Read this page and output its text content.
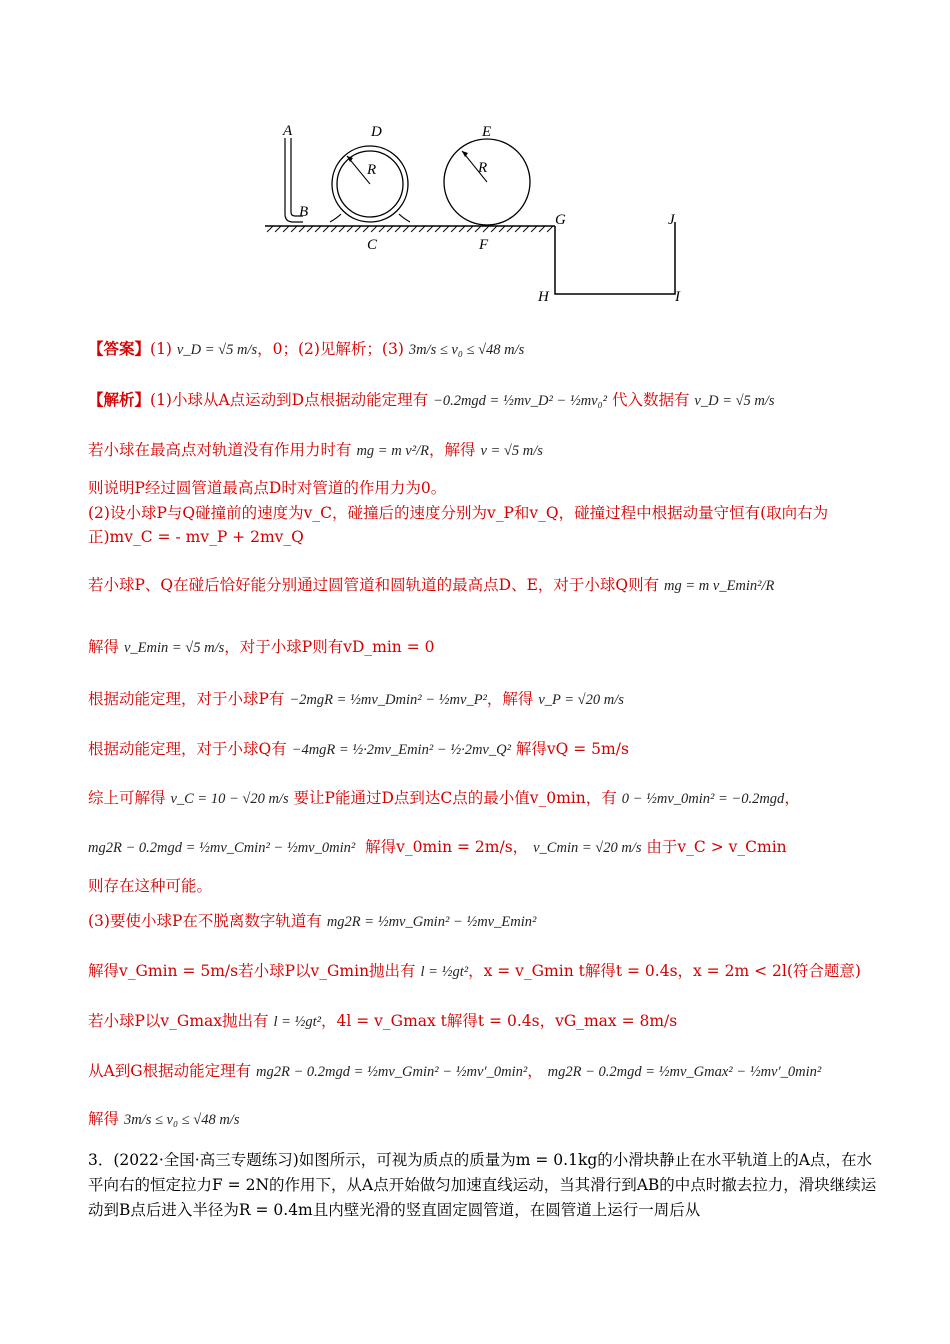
A
B
C
D
R
E
R
F
G
H	I
J
【答案】(1) v_D = √5 m/s，0；(2)见解析；(3) 3m/s ≤ v₀ ≤ √48 m/s
【解析】(1)小球从A点运动到D点根据动能定理有 −0.2mgd = ½mv_D² − ½mv₀² 代入数据有 v_D = √5 m/s
若小球在最高点对轨道没有作用力时有 mg = m v²/R，解得 v = √5 m/s
则说明P经过圆管道最高点D时对管道的作用力为0。
(2)设小球P与Q碰撞前的速度为v_C，碰撞后的速度分别为v_P和v_Q，碰撞过程中根据动量守恒有(取向右为
正)mv_C = - mv_P + 2mv_Q
若小球P、Q在碰后恰好能分别通过圆管道和圆轨道的最高点D、E，对于小球Q则有 mg = m v_Emin²/R
解得 v_Emin = √5 m/s，对于小球P则有vD_min = 0
根据动能定理，对于小球P有 −2mgR = ½mv_Dmin² − ½mv_P²，解得 v_P = √20 m/s
根据动能定理，对于小球Q有 −4mgR = ½·2mv_Emin² − ½·2mv_Q² 解得vQ = 5m/s
综上可解得 v_C = 10 − √20 m/s 要让P能通过D点到达C点的最小值v_0min，有 0 − ½mv_0min² = −0.2mgd，
mg2R − 0.2mgd = ½mv_Cmin² − ½mv_0min² 解得v_0min = 2m/s， v_Cmin = √20 m/s 由于v_C > v_Cmin
则存在这种可能。
(3)要使小球P在不脱离数字轨道有 mg2R = ½mv_Gmin² − ½mv_Emin²
解得v_Gmin = 5m/s若小球P以v_Gmin抛出有 l = ½gt²，x = v_Gmin t解得t = 0.4s，x = 2m < 2l(符合题意)
若小球P以v_Gmax抛出有 l = ½gt²，4l = v_Gmax t解得t = 0.4s，vG_max = 8m/s
从A到G根据动能定理有 mg2R − 0.2mgd = ½mv_Gmin² − ½mv′_0min²， mg2R − 0.2mgd = ½mv_Gmax² − ½mv′_0min²
解得 3m/s ≤ v₀ ≤ √48 m/s
3．(2022·全国·高三专题练习)如图所示，可视为质点的质量为m = 0.1kg的小滑块静止在水平轨道上的A点，在水平向右的恒定拉力F = 2N的作用下，从A点开始做匀加速直线运动，当其滑行到AB的中点时撤去拉力，滑块继续运动到B点后进入半径为R = 0.4m且内壁光滑的竖直固定圆管道，在圆管道上运行一周后从
